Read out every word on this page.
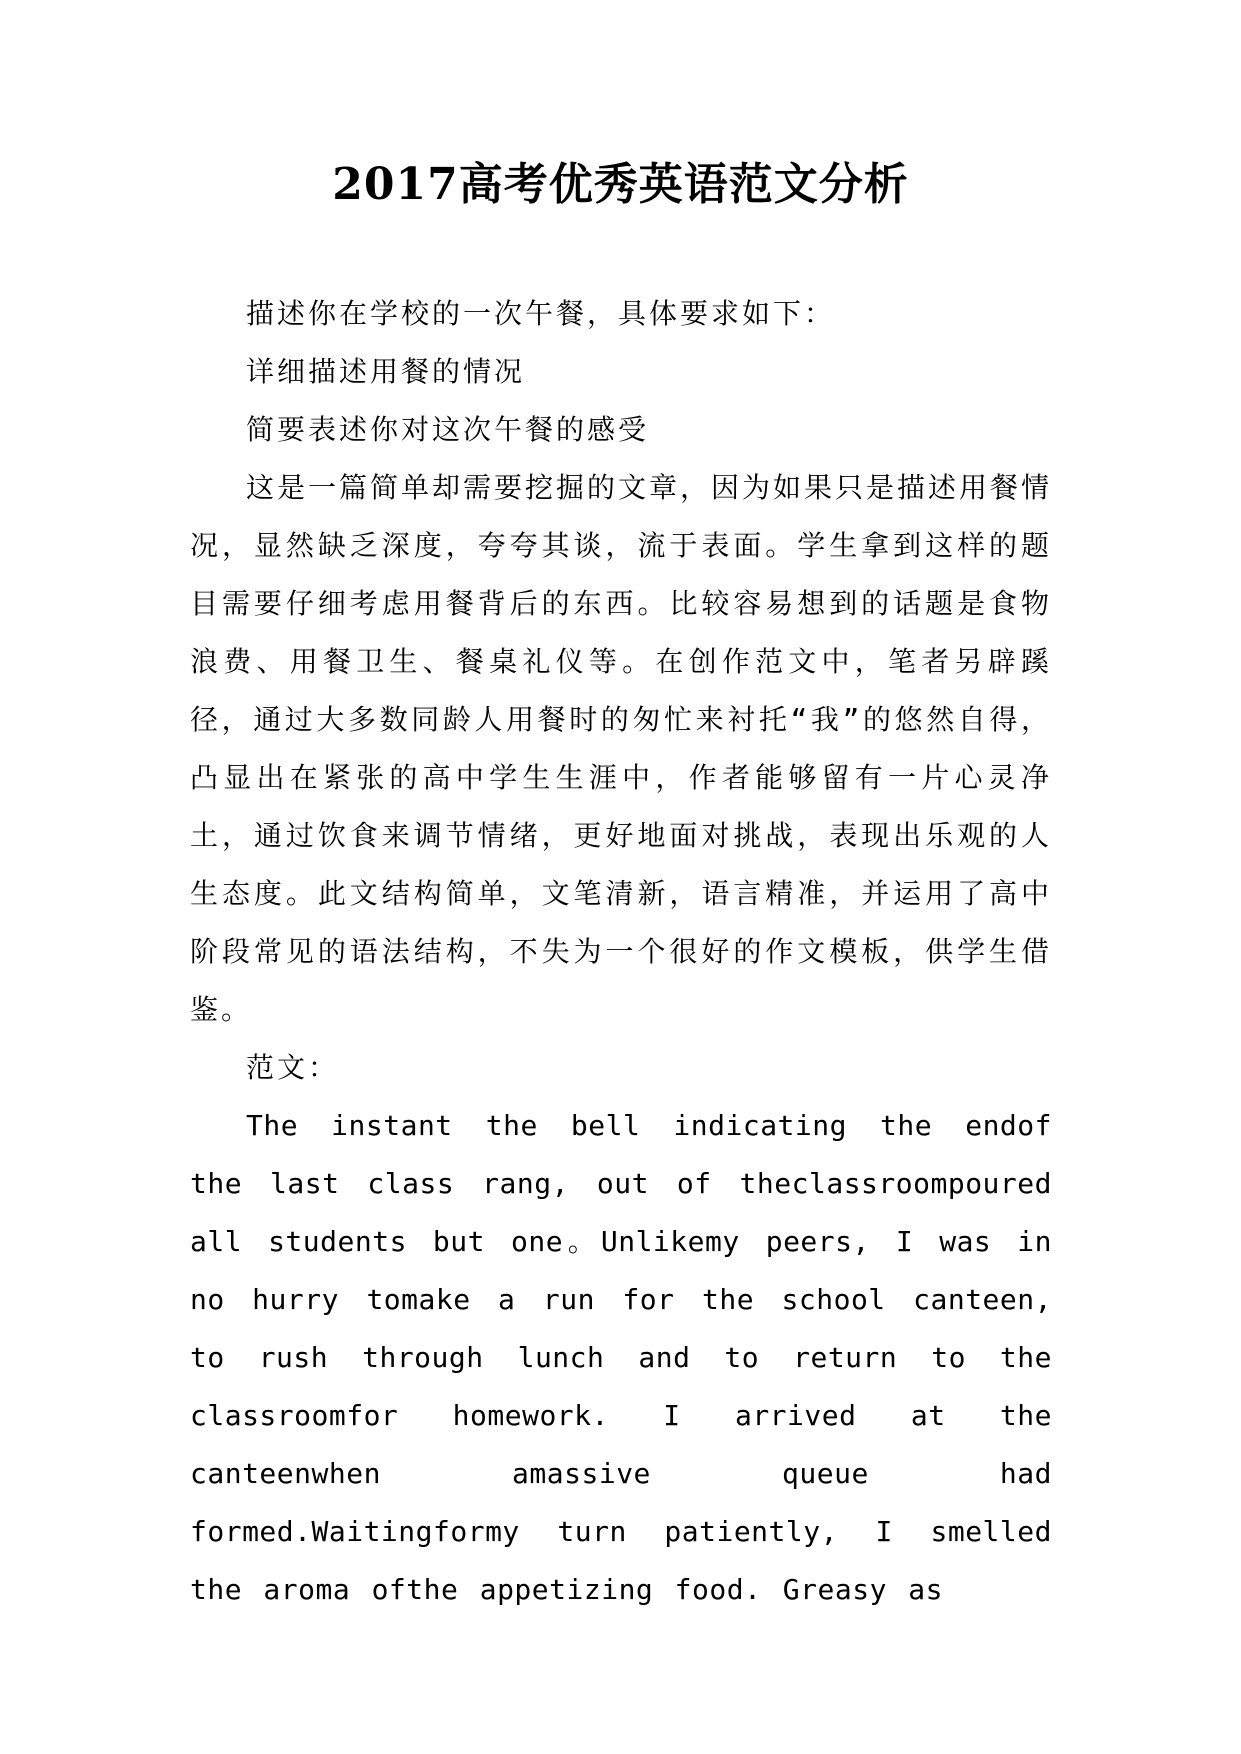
2017高考优秀英语范文分析

描述你在学校的一次午餐，具体要求如下：

详细描述用餐的情况

简要表述你对这次午餐的感受

这是一篇简单却需要挖掘的文章，因为如果只是描述用餐情况，显然缺乏深度，夸夸其谈，流于表面。学生拿到这样的题目需要仔细考虑用餐背后的东西。比较容易想到的话题是食物浪费、用餐卫生、餐桌礼仪等。在创作范文中，笔者另辟蹊径，通过大多数同龄人用餐时的匆忙来衬托“我”的悠然自得，凸显出在紧张的高中学生生涯中，作者能够留有一片心灵净土，通过饮食来调节情绪，更好地面对挑战，表现出乐观的人生态度。此文结构简单，文笔清新，语言精准，并运用了高中阶段常见的语法结构，不失为一个很好的作文模板，供学生借鉴。

范文：

The instant the bell indicating the endof the last class rang, out of theclassroompoured all students but one。Unlikemy peers, I was in no hurry tomake a run for the school canteen, to rush through lunch and to return to the classroomfor homework. I arrived at the canteenwhen amassive queue had formed.Waitingformy turn patiently, I smelled the aroma ofthe appetizing food. Greasy as
